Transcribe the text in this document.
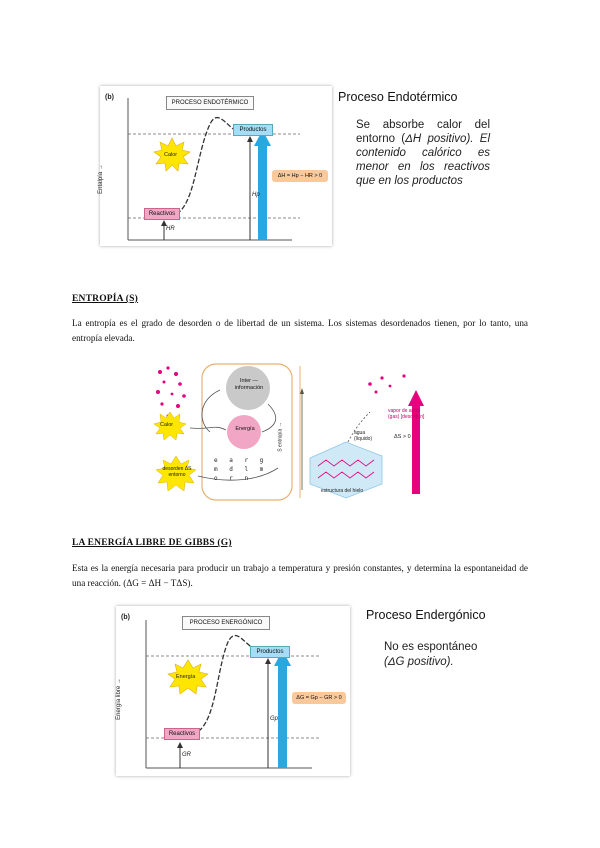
(b)
PROCESO ENDOTÉRMICO
Entalpía →
Productos
Reactivos
Calor
ΔH = Hp − HR > 0
Hp
HR
Proceso Endotérmico
Se absorbe calor del entorno (ΔH positivo). El contenido calórico es menor en los reactivos que en los productos
ENTROPÍA (S)
La entropía es el grado de desorden o de libertad de un sistema. Los sistemas desordenados tienen, por lo tanto, una entropía elevada.
Inter — información
Energía
Calor
desorden ΔS entorno
e a r g m d l m o r n
S entropía →	agua (líquido)
vapor de agua (gas) [desorden]
ΔS > 0
estructura del hielo
LA ENERGÍA LIBRE DE GIBBS (G)
Esta es la energía necesaria para producir un trabajo a temperatura y presión constantes, y determina la espontaneidad de una reacción. (ΔG = ΔH − TΔS).
(b)
PROCESO ENERGÓNICO
Energía libre →
Productos
Reactivos
Energía
ΔG = Gp − GR > 0
Gp
GR
Proceso Endergónico
No es espontáneo
(ΔG positivo).
